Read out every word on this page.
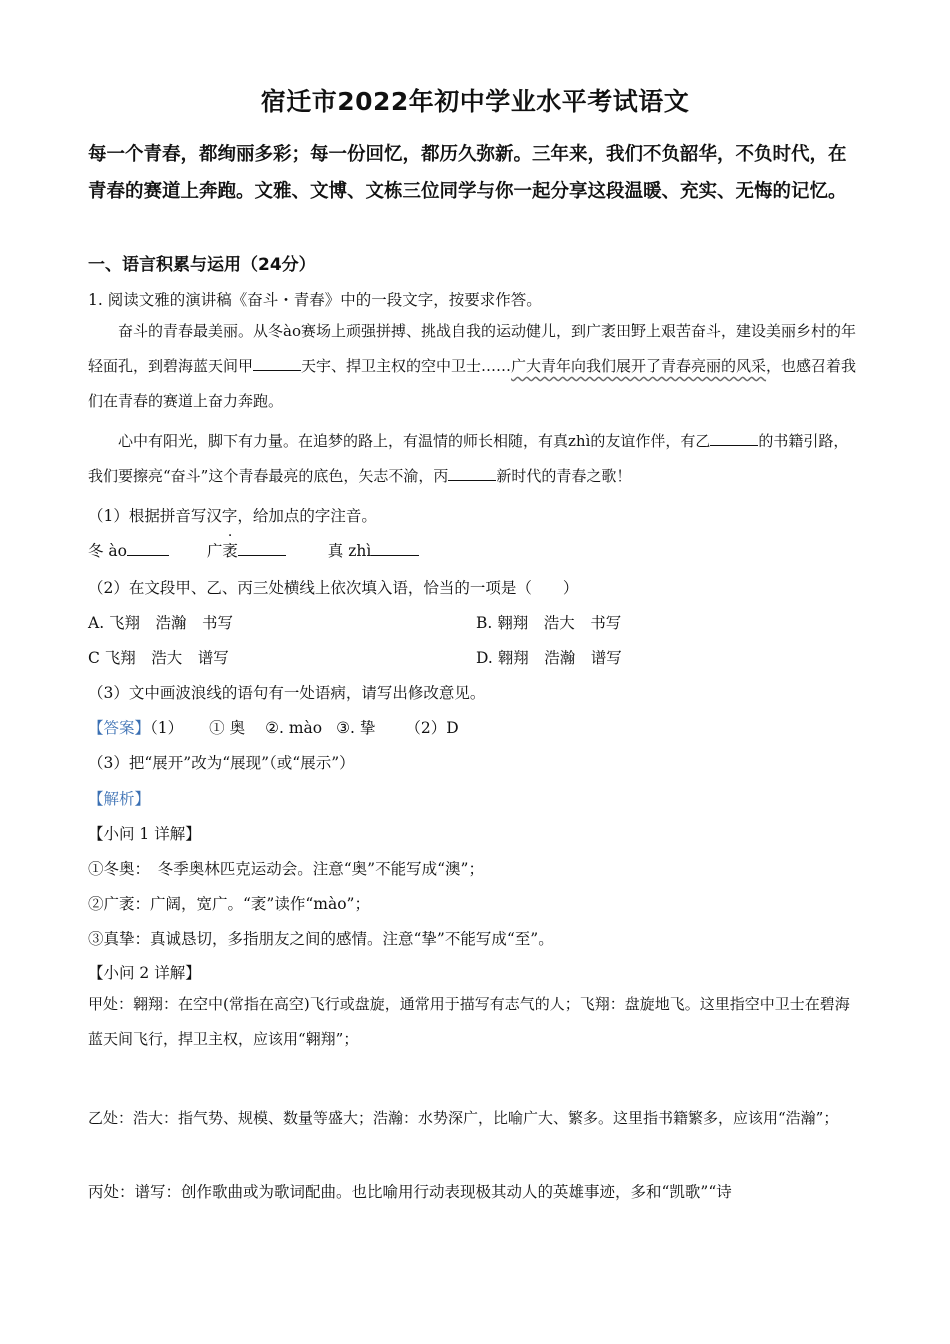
宿迁市2022年初中学业水平考试语文
每一个青春，都绚丽多彩；每一份回忆，都历久弥新。三年来，我们不负韶华，不负时代，在青春的赛道上奔跑。文雅、文博、文栋三位同学与你一起分享这段温暖、充实、无悔的记忆。
一、语言积累与运用（24分）
1. 阅读文雅的演讲稿《奋斗・青春》中的一段文字，按要求作答。
奋斗的青春最美丽。从冬ào赛场上顽强拼搏、挑战自我的运动健儿，到广袤田野上艰苦奋斗，建设美丽乡村的年轻面孔，到碧海蓝天间甲	天宇、捍卫主权的空中卫士……广大青年向我们展开了青春亮丽的风采，也感召着我们在青春的赛道上奋力奔跑。
心中有阳光，脚下有力量。在追梦的路上，有温情的师长相随，有真zhì的友谊作伴，有乙	的书籍引路，我们要擦亮“奋斗”这个青春最亮的底色，矢志不渝，丙	新时代的青春之歌！
（1）根据拼音写汉字，给加点的字注音。
冬 ào	广袤	真 zhì
（2）在文段甲、乙、丙三处横线上依次填入语，恰当的一项是（　　）
A. 飞翔　浩瀚　书写	B. 翱翔　浩大　书写
C 飞翔　浩大　谱写	D. 翱翔　浩瀚　谱写
（3）文中画波浪线的语句有一处语病，请写出修改意见。
【答案】（1） ① 奥 ②. mào ③. 挚 （2）D
（3）把“展开”改为“展现”（或“展示”）
【解析】
【小问 1 详解】
①冬奥：　冬季奥林匹克运动会。注意“奥”不能写成“澳”；
②广袤：广阔，宽广。“袤”读作“mào”；
③真挚：真诚恳切，多指朋友之间的感情。注意“挚”不能写成“至”。
【小问 2 详解】
甲处：翱翔：在空中(常指在高空)飞行或盘旋，通常用于描写有志气的人；飞翔：盘旋地飞。这里指空中卫士在碧海蓝天间飞行，捍卫主权，应该用“翱翔”；
乙处：浩大：指气势、规模、数量等盛大；浩瀚：水势深广，比喻广大、繁多。这里指书籍繁多，应该用“浩瀚”；
丙处：谱写：创作歌曲或为歌词配曲。也比喻用行动表现极其动人的英雄事迹，多和“凯歌”“诗
